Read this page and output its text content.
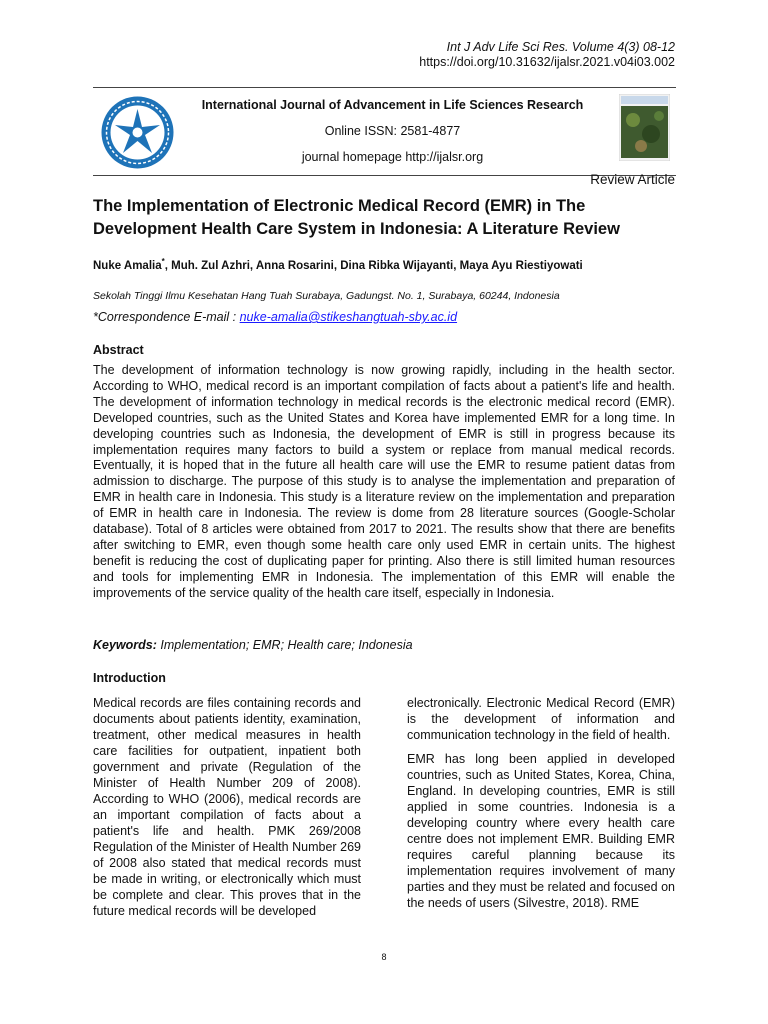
Int J Adv Life Sci Res. Volume 4(3) 08-12
https://doi.org/10.31632/ijalsr.2021.v04i03.002
International Journal of Advancement in Life Sciences Research
Online ISSN: 2581-4877
journal homepage http://ijalsr.org
Review Article
The Implementation of Electronic Medical Record (EMR) in The Development Health Care System in Indonesia: A Literature Review
Nuke Amalia*, Muh. Zul Azhri, Anna Rosarini, Dina Ribka Wijayanti, Maya Ayu Riestiyowati
Sekolah Tinggi Ilmu Kesehatan Hang Tuah Surabaya, Gadungst. No. 1, Surabaya, 60244, Indonesia
*Correspondence E-mail : nuke-amalia@stikeshangtuah-sby.ac.id
Abstract
The development of information technology is now growing rapidly, including in the health sector. According to WHO, medical record is an important compilation of facts about a patient's life and health. The development of information technology in medical records is the electronic medical record (EMR). Developed countries, such as the United States and Korea have implemented EMR for a long time. In developing countries such as Indonesia, the development of EMR is still in progress because its implementation requires many factors to build a system or replace from manual medical records. Eventually, it is hoped that in the future all health care will use the EMR to resume patient datas from admission to discharge. The purpose of this study is to analyse the implementation and preparation of EMR in health care in Indonesia. This study is a literature review on the implementation and preparation of EMR in health care in Indonesia. The review is dome from 28 literature sources (Google-Scholar database). Total of 8 articles were obtained from 2017 to 2021. The results show that there are benefits after switching to EMR, even though some health care only used EMR in certain units. The highest benefit is reducing the cost of duplicating paper for printing. Also there is still limited human resources and tools for implementing EMR in Indonesia. The implementation of this EMR will enable the improvements of the service quality of the health care itself, especially in Indonesia.
Keywords: Implementation; EMR; Health care; Indonesia
Introduction

Medical records are files containing records and documents about patients identity, examination, treatment, other medical measures in health care facilities for outpatient, inpatient both government and private (Regulation of the Minister of Health Number 209 of 2008). According to WHO (2006), medical records are an important compilation of facts about a patient's life and health. PMK 269/2008 Regulation of the Minister of Health Number 269 of 2008 also stated that medical records must be made in writing, or electronically which must be complete and clear. This proves that in the future medical records will be developed

electronically. Electronic Medical Record (EMR) is the development of information and communication technology in the field of health.

EMR has long been applied in developed countries, such as United States, Korea, China, England. In developing countries, EMR is still applied in some countries. Indonesia is a developing country where every health care centre does not implement EMR. Building EMR requires careful planning because its implementation requires involvement of many parties and they must be related and focused on the needs of users (Silvestre, 2018). RME

8
